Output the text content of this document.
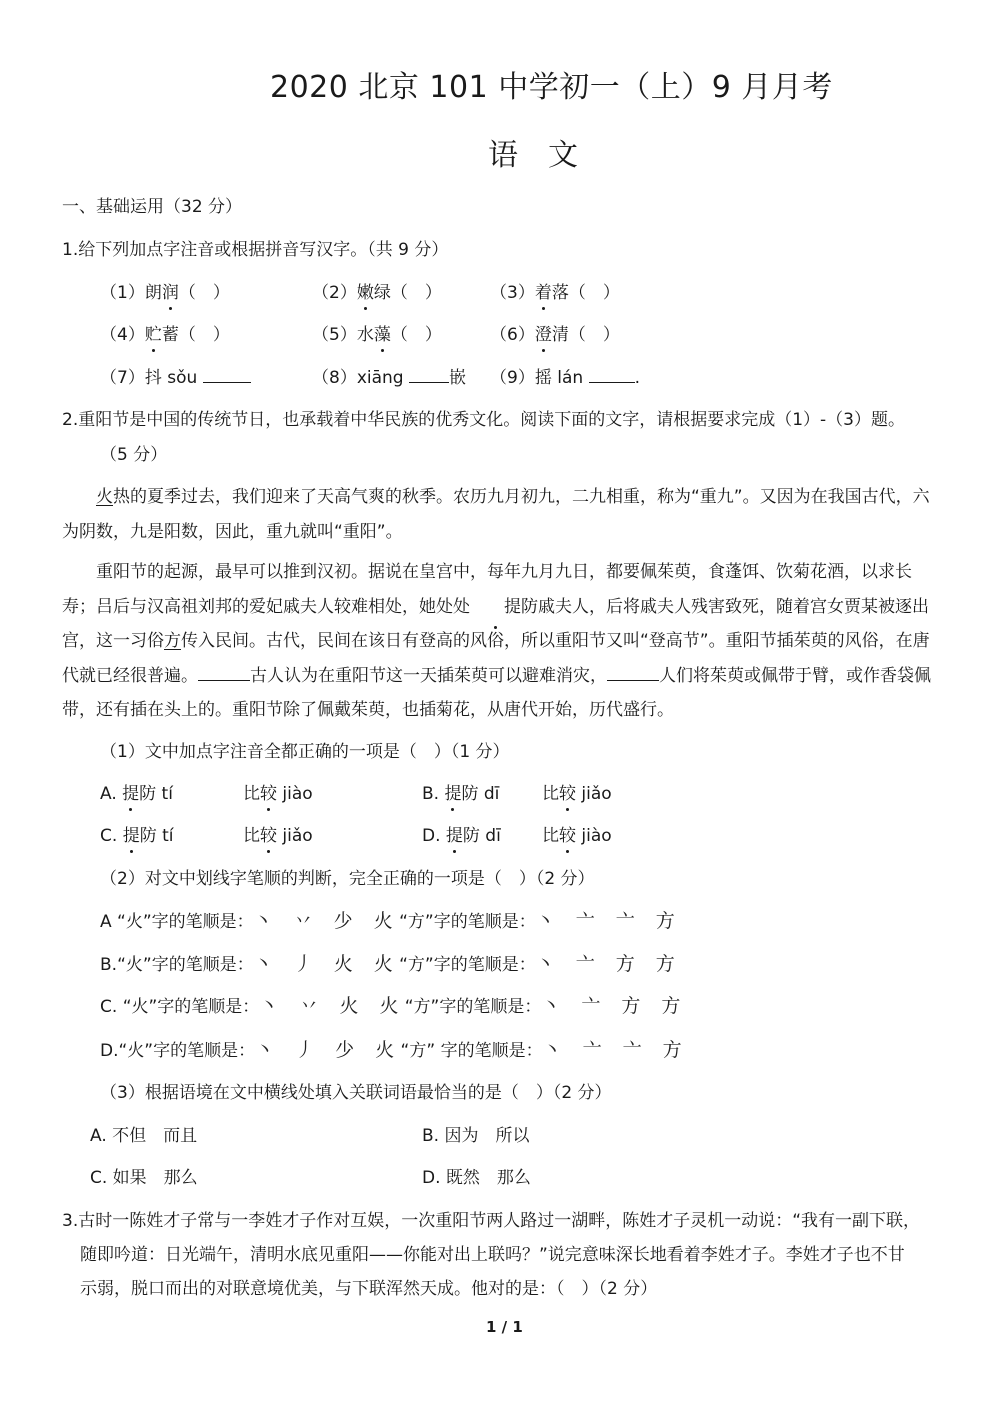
2020 北京 101 中学初一（上）9 月月考
语　文
一、基础运用（32 分）
1.给下列加点字注音或根据拼音写汉字。（共 9 分）
（1）朗润（　）	（2）嫩绿（　）	（3）着落（　）
（4）贮蓄（　）	（5）水藻（　）	（6）澄清（　）
（7）抖 sǒu	（8）xiāng	嵌 （9）摇 lán	.
2.重阳节是中国的传统节日，也承载着中华民族的优秀文化。阅读下面的文字，请根据要求完成（1）-（3）题。
（5 分）
火热的夏季过去，我们迎来了天高气爽的秋季。农历九月初九，二九相重，称为“重九”。又因为在我国古代，六为阴数，九是阳数，因此，重九就叫“重阳”。
重阳节的起源，最早可以推到汉初。据说在皇宫中，每年九月九日，都要佩茱萸，食蓬饵、饮菊花酒，以求长寿；吕后与汉高祖刘邦的爱妃戚夫人较难相处，她处处 提防戚夫人，后将戚夫人残害致死，随着宫女贾某被逐出宫，这一习俗方传入民间。古代，民间在该日有登高的风俗，所以重阳节又叫“登高节”。重阳节插茱萸的风俗，在唐代就已经很普遍。	古人认为在重阳节这一天插茱萸可以避难消灾，	人们将茱萸或佩带于臂，或作香袋佩带，还有插在头上的。重阳节除了佩戴茱萸，也插菊花，从唐代开始，历代盛行。
（1）文中加点字注音全都正确的一项是（　）（1 分）
A. 提防 tí	比较 jiào	B. 提防 dī	比较 jiǎo
C. 提防 tí	比较 jiǎo	D. 提防 dī 比较 jiào
（2）对文中划线字笔顺的判断，完全正确的一项是（　）（2 分）
A “火”字的笔顺是：丶　丷　少　火 “方”字的笔顺是：丶　亠　亠　方
B.“火”字的笔顺是：丶　丿　火　火 “方”字的笔顺是：丶　亠　方　方
C. “火”字的笔顺是：丶　丷　火　火 “方”字的笔顺是：丶　亠　方　方
D.“火”字的笔顺是：丶　丿　少　火 “方” 字的笔顺是：丶　亠　亠　方
（3）根据语境在文中横线处填入关联词语最恰当的是（　）（2 分）
A. 不但　而且	B. 因为　所以
C. 如果　那么	D. 既然　那么
3.古时一陈姓才子常与一李姓才子作对互娱，一次重阳节两人路过一湖畔，陈姓才子灵机一动说：“我有一副下联，
随即吟道：日光端午，清明水底见重阳——你能对出上联吗？”说完意味深长地看着李姓才子。李姓才子也不甘
示弱，脱口而出的对联意境优美，与下联浑然天成。他对的是：（　）（2 分）
1 / 1
